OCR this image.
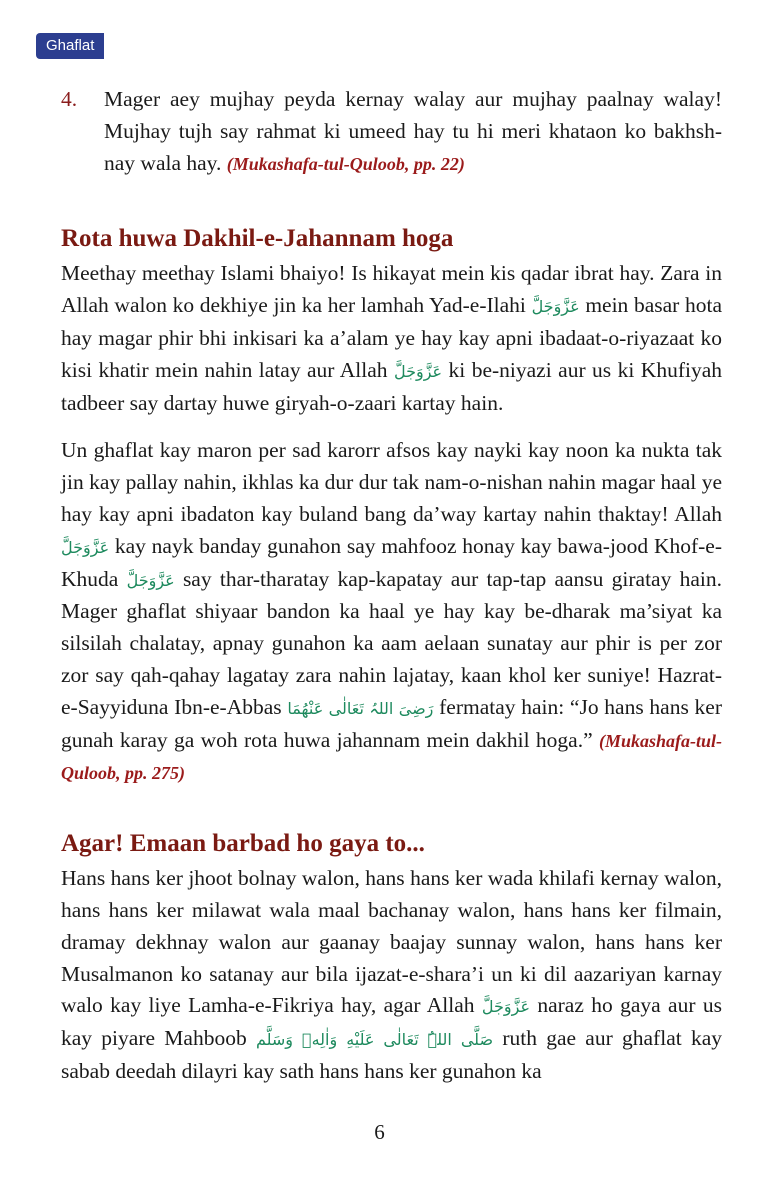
Ghaflat

4. Mager aey mujhay peyda kernay walay aur mujhay paalnay walay! Mujhay tujh say rahmat ki umeed hay tu hi meri khataon ko bakhsh-nay wala hay. (Mukashafa-tul-Quloob, pp. 22)

Rota huwa Dakhil-e-Jahannam hoga

Meethay meethay Islami bhaiyo! Is hikayat mein kis qadar ibrat hay. Zara in Allah walon ko dekhiye jin ka her lamhah Yad-e-Ilahi عَزَّوَجَلَّ mein basar hota hay magar phir bhi inkisari ka a’alam ye hay kay apni ibadaat-o-riyazaat ko kisi khatir mein nahin latay aur Allah عَزَّوَجَلَّ ki be-niyazi aur us ki Khufiyah tadbeer say dartay huwe giryah-o-zaari kartay hain.

Un ghaflat kay maron per sad karorr afsos kay nayki kay noon ka nukta tak jin kay pallay nahin, ikhlas ka dur dur tak nam-o-nishan nahin magar haal ye hay kay apni ibadaton kay buland bang da’way kartay nahin thaktay! Allah عَزَّوَجَلَّ kay nayk banday gunahon say mahfooz honay kay bawa-jood Khof-e-Khuda عَزَّوَجَلَّ say thar-tharatay kap-kapatay aur tap-tap aansu giratay hain. Mager ghaflat shiyaar bandon ka haal ye hay kay be-dharak ma’siyat ka silsilah chalatay, apnay gunahon ka aam aelaan sunatay aur phir is per zor zor say qah-qahay lagatay zara nahin lajatay, kaan khol ker suniye! Hazrat-e-Sayyiduna Ibn-e-Abbas رَضِیَ اللہُ تَعَالٰی عَنْهُمَا fermatay hain: “Jo hans hans ker gunah karay ga woh rota huwa jahannam mein dakhil hoga.” (Mukashafa-tul-Quloob, pp. 275)

Agar! Emaan barbad ho gaya to...

Hans hans ker jhoot bolnay walon, hans hans ker wada khilafi kernay walon, hans hans ker milawat wala maal bachanay walon, hans hans ker filmain, dramay dekhnay walon aur gaanay baajay sunnay walon, hans hans ker Musalmanon ko satanay aur bila ijazat-e-shara’i un ki dil aazariyan karnay walo kay liye Lamha-e-Fikriya hay, agar Allah عَزَّوَجَلَّ naraz ho gaya aur us kay piyare Mahboob صَلَّی اللہُ تَعَالٰی عَلَیْهِ وَاٰلِهٖ وَسَلَّم ruth gae aur ghaflat kay sabab deedah dilayri kay sath hans hans ker gunahon ka

6
